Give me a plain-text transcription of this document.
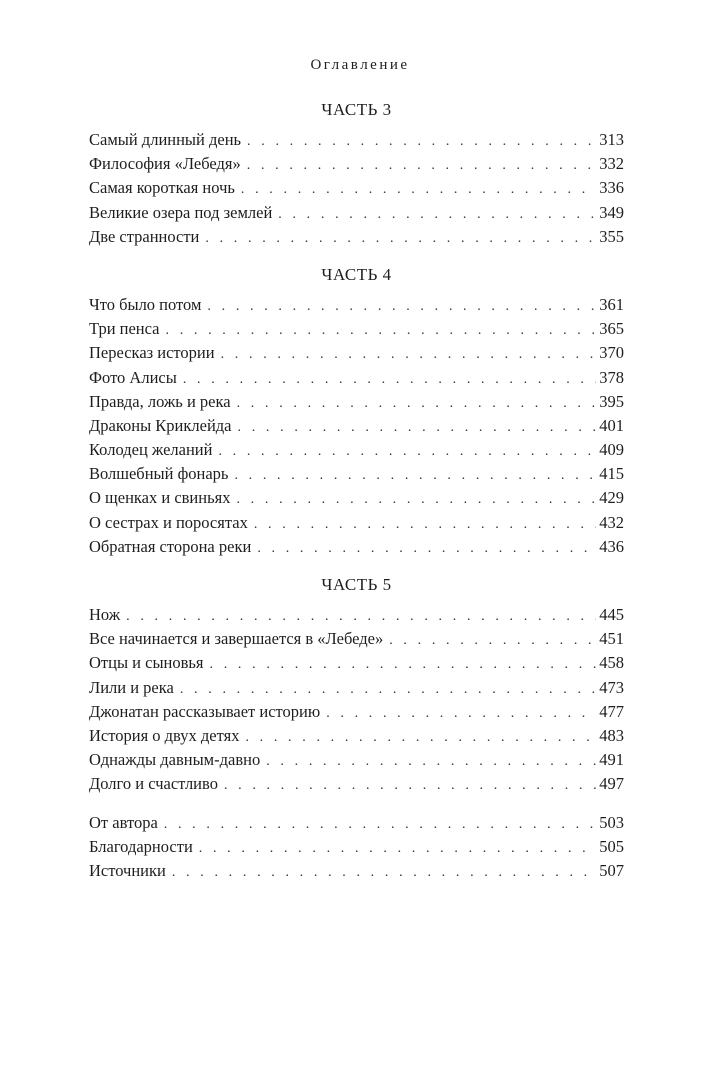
Оглавление
ЧАСТЬ 3
Самый длинный день . . .	313
Философия «Лебедя» . . .	332
Самая короткая ночь . . .	336
Великие озера под землей . . .	349
Две странности . . .	355
ЧАСТЬ 4
Что было потом . . .	361
Три пенса . . .	365
Пересказ истории . . .	370
Фото Алисы . . .	378
Правда, ложь и река . . .	395
Драконы Криклейда . . .	401
Колодец желаний . . .	409
Волшебный фонарь . . .	415
О щенках и свиньях . . .	429
О сестрах и поросятах . . .	432
Обратная сторона реки . . .	436
ЧАСТЬ 5
Нож . . .	445
Все начинается и завершается в «Лебеде» . . .	451
Отцы и сыновья . . .	458
Лили и река . . .	473
Джонатан рассказывает историю . . .	477
История о двух детях . . .	483
Однажды давным-давно . . .	491
Долго и счастливо . . .	497
От автора . . .	503
Благодарности . . .	505
Источники . . .	507
